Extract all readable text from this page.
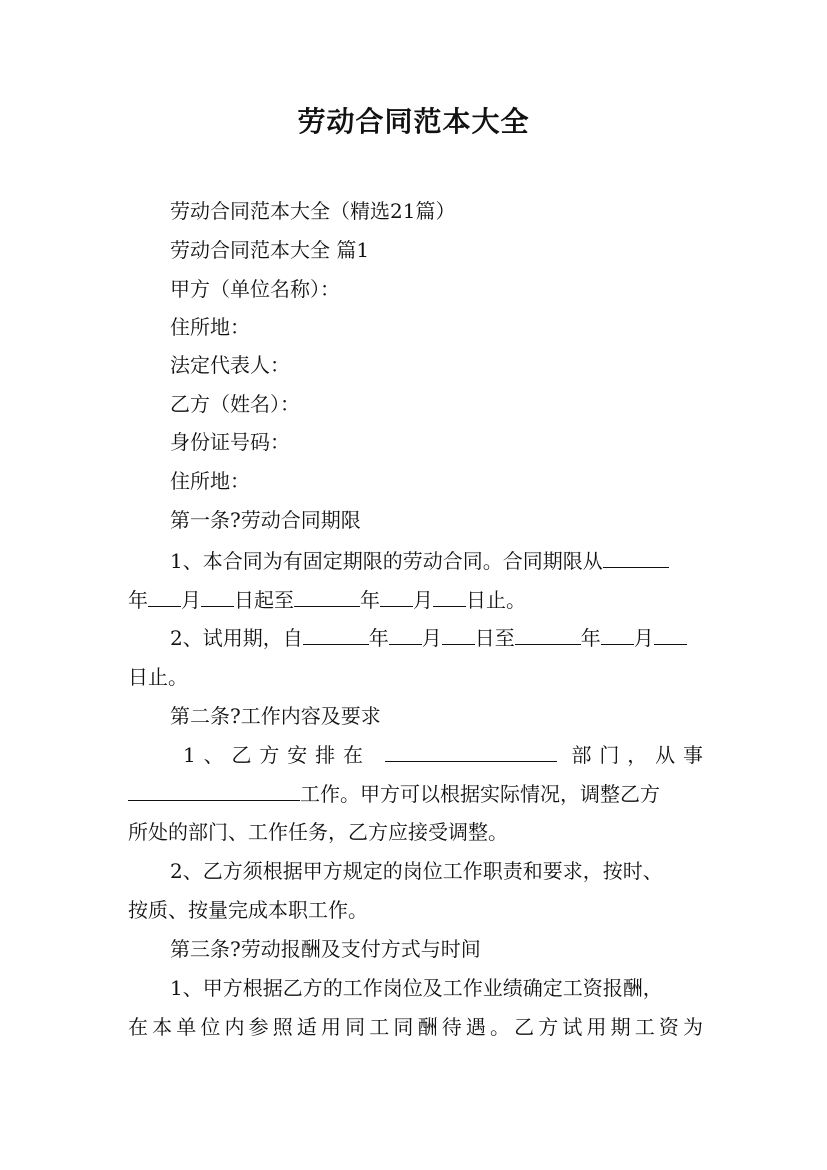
劳动合同范本大全
劳动合同范本大全（精选21篇）
劳动合同范本大全 篇1
甲方（单位名称）：
住所地：
法定代表人：
乙方（姓名）：
身份证号码：
住所地：
第一条?劳动合同期限
1、本合同为有固定期限的劳动合同。合同期限从
年 月 日起至	年 月 日止。
2、试用期，自	年 月 日至	年 月
日止。
第二条?工作内容及要求
1、乙方安排在	部门，从事
工作。甲方可以根据实际情况，调整乙方
所处的部门、工作任务，乙方应接受调整。
2、乙方须根据甲方规定的岗位工作职责和要求，按时、
按质、按量完成本职工作。
第三条?劳动报酬及支付方式与时间
1、甲方根据乙方的工作岗位及工作业绩确定工资报酬，
在本单位内参照适用同工同酬待遇。乙方试用期工资为
